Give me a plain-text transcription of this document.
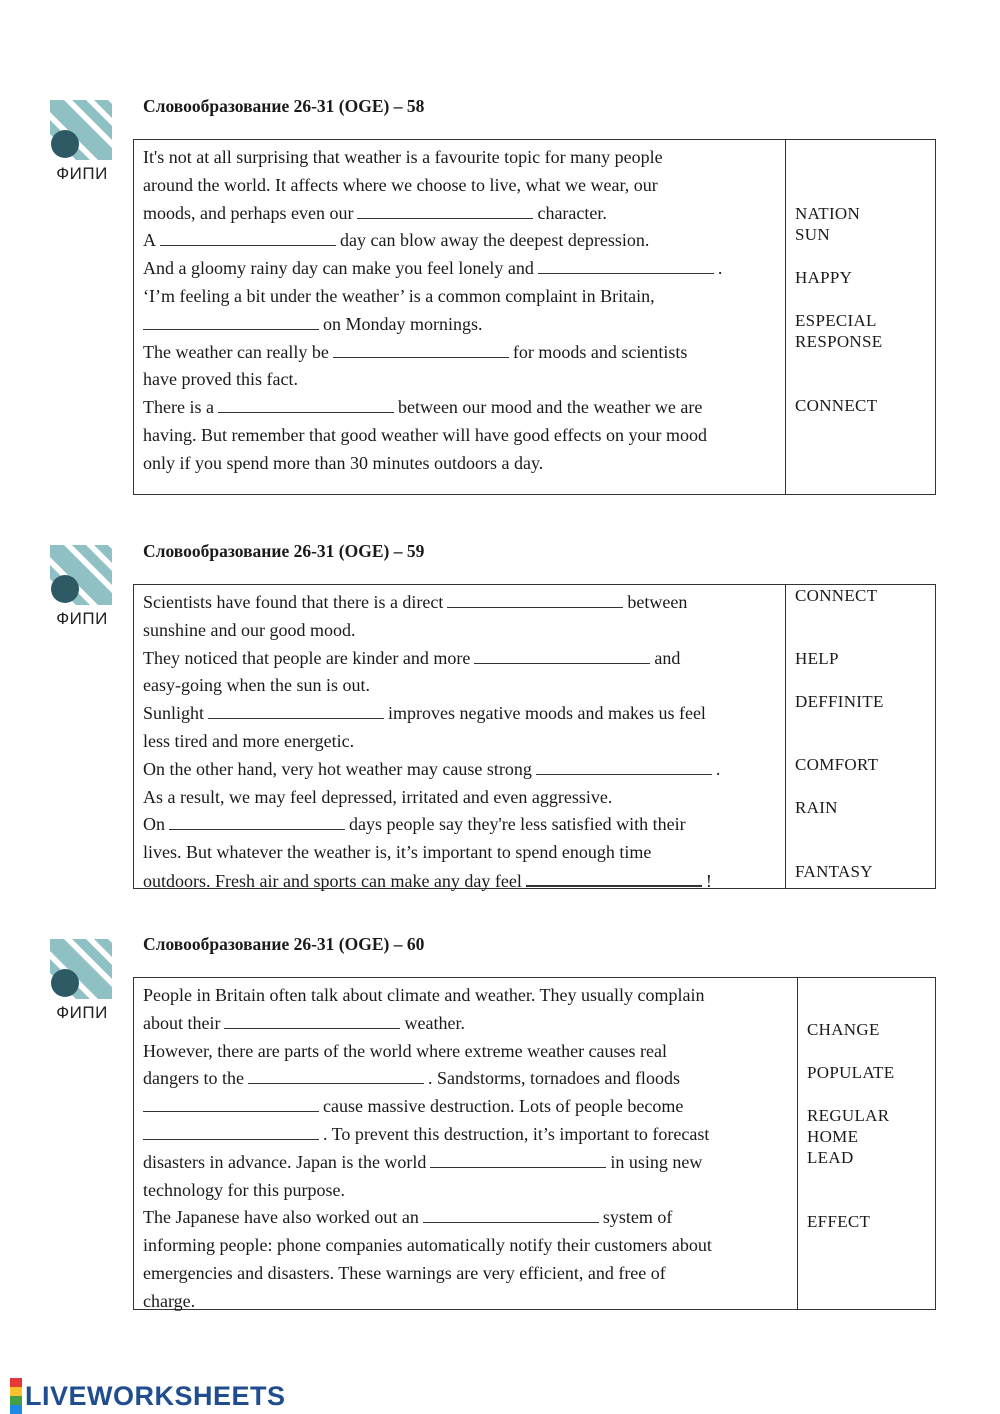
ФИПИ
Словообразование 26-31 (OGE) – 58
It's not at all surprising that weather is a favourite topic for many people
around the world. It affects where we choose to live, what we wear, our
moods, and perhaps even our	character.
A	day can blow away the deepest depression.
And a gloomy rainy day can make you feel lonely and	.
‘I’m feeling a bit under the weather’ is a common complaint in Britain,
on Monday mornings.
The weather can really be	for moods and scientists
have proved this fact.
There is a	between our mood and the weather we are
having. But remember that good weather will have good effects on your mood
only if you spend more than 30 minutes outdoors a day.
NATION
SUN
HAPPY
ESPECIAL
RESPONSE
CONNECT
ФИПИ
Словообразование 26-31 (OGE) – 59
Scientists have found that there is a direct	between
sunshine and our good mood.
They noticed that people are kinder and more	and
easy-going when the sun is out.
Sunlight	improves negative moods and makes us feel
less tired and more energetic.
On the other hand, very hot weather may cause strong	.
As a result, we may feel depressed, irritated and even aggressive.
On	days people say they're less satisfied with their
lives. But whatever the weather is, it’s important to spend enough time
outdoors. Fresh air and sports can make any day feel	!
CONNECT
HELP
DEFFINITE
COMFORT
RAIN
FANTASY
ФИПИ
Словообразование 26-31 (OGE) – 60
People in Britain often talk about climate and weather. They usually complain
about their	weather.
However, there are parts of the world where extreme weather causes real
dangers to the	. Sandstorms, tornadoes and floods
cause massive destruction. Lots of people become
. To prevent this destruction, it’s important to forecast
disasters in advance. Japan is the world	in using new
technology for this purpose.
The Japanese have also worked out an	system of
informing people: phone companies automatically notify their customers about
emergencies and disasters. These warnings are very efficient, and free of
charge.
CHANGE
POPULATE
REGULAR
HOME
LEAD
EFFECT
LIVEWORKSHEETS
